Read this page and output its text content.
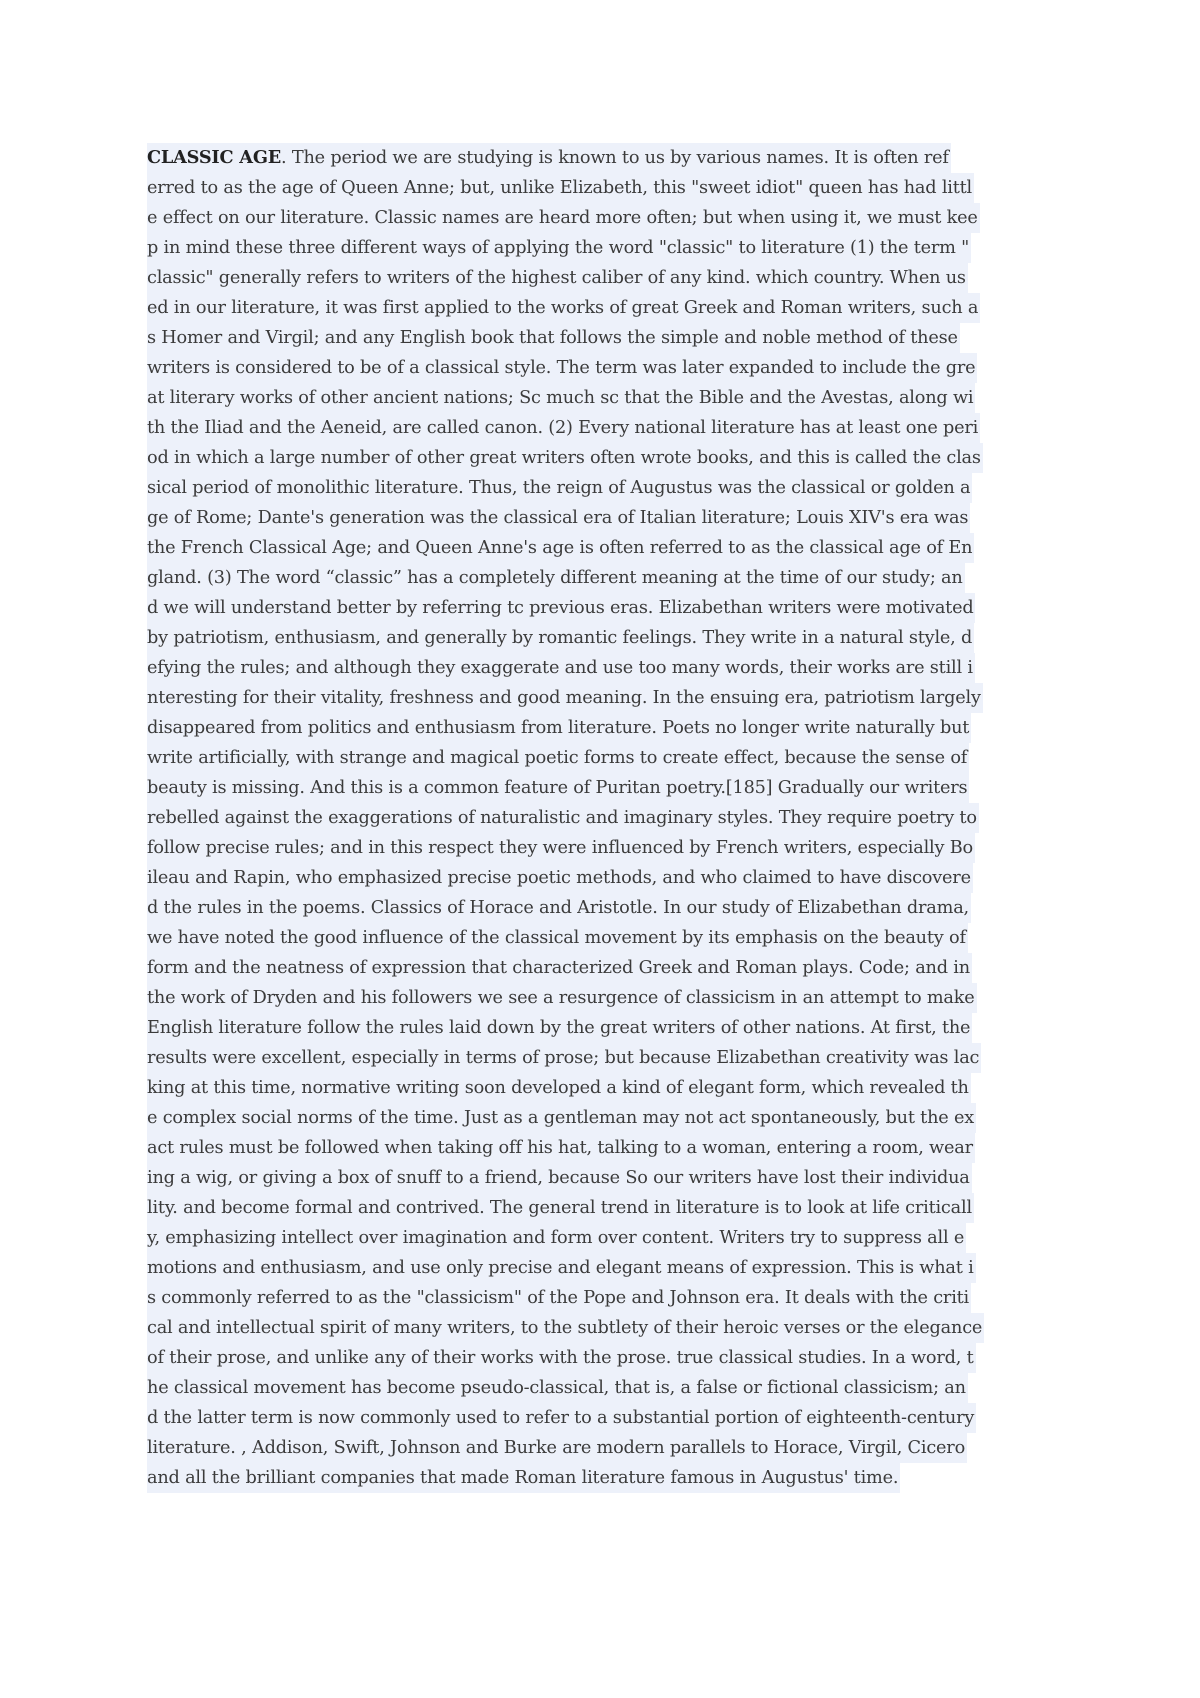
CLASSIC AGE. The period we are studying is known to us by various names. It is often ref
erred to as the age of Queen Anne; but, unlike Elizabeth, this "sweet idiot" queen has had littl
e effect on our literature. Classic names are heard more often; but when using it, we must kee
p in mind these three different ways of applying the word "classic" to literature (1) the term "
classic" generally refers to writers of the highest caliber of any kind. which country. When us
ed in our literature, it was first applied to the works of great Greek and Roman writers, such a
s Homer and Virgil; and any English book that follows the simple and noble method of these
writers is considered to be of a classical style. The term was later expanded to include the gre
at literary works of other ancient nations; Sc much sc that the Bible and the Avestas, along wi
th the Iliad and the Aeneid, are called canon. (2) Every national literature has at least one peri
od in which a large number of other great writers often wrote books, and this is called the clas
sical period of monolithic literature. Thus, the reign of Augustus was the classical or golden a
ge of Rome; Dante's generation was the classical era of Italian literature; Louis XIV's era was
the French Classical Age; and Queen Anne's age is often referred to as the classical age of En
gland. (3) The word “classic” has a completely different meaning at the time of our study; an
d we will understand better by referring tc previous eras. Elizabethan writers were motivated
by patriotism, enthusiasm, and generally by romantic feelings. They write in a natural style, d
efying the rules; and although they exaggerate and use too many words, their works are still i
nteresting for their vitality, freshness and good meaning. In the ensuing era, patriotism largely
disappeared from politics and enthusiasm from literature. Poets no longer write naturally but
write artificially, with strange and magical poetic forms to create effect, because the sense of
beauty is missing. And this is a common feature of Puritan poetry.[185] Gradually our writers
rebelled against the exaggerations of naturalistic and imaginary styles. They require poetry to
follow precise rules; and in this respect they were influenced by French writers, especially Bo
ileau and Rapin, who emphasized precise poetic methods, and who claimed to have discovere
d the rules in the poems. Classics of Horace and Aristotle. In our study of Elizabethan drama,
we have noted the good influence of the classical movement by its emphasis on the beauty of
form and the neatness of expression that characterized Greek and Roman plays. Code; and in
the work of Dryden and his followers we see a resurgence of classicism in an attempt to make
English literature follow the rules laid down by the great writers of other nations. At first, the
results were excellent, especially in terms of prose; but because Elizabethan creativity was lac
king at this time, normative writing soon developed a kind of elegant form, which revealed th
e complex social norms of the time. Just as a gentleman may not act spontaneously, but the ex
act rules must be followed when taking off his hat, talking to a woman, entering a room, wear
ing a wig, or giving a box of snuff to a friend, because So our writers have lost their individua
lity. and become formal and contrived. The general trend in literature is to look at life criticall
y, emphasizing intellect over imagination and form over content. Writers try to suppress all e
motions and enthusiasm, and use only precise and elegant means of expression. This is what i
s commonly referred to as the "classicism" of the Pope and Johnson era. It deals with the criti
cal and intellectual spirit of many writers, to the subtlety of their heroic verses or the elegance
of their prose, and unlike any of their works with the prose. true classical studies. In a word, t
he classical movement has become pseudo-classical, that is, a false or fictional classicism; an
d the latter term is now commonly used to refer to a substantial portion of eighteenth-century
literature. , Addison, Swift, Johnson and Burke are modern parallels to Horace, Virgil, Cicero
and all the brilliant companies that made Roman literature famous in Augustus' time.
